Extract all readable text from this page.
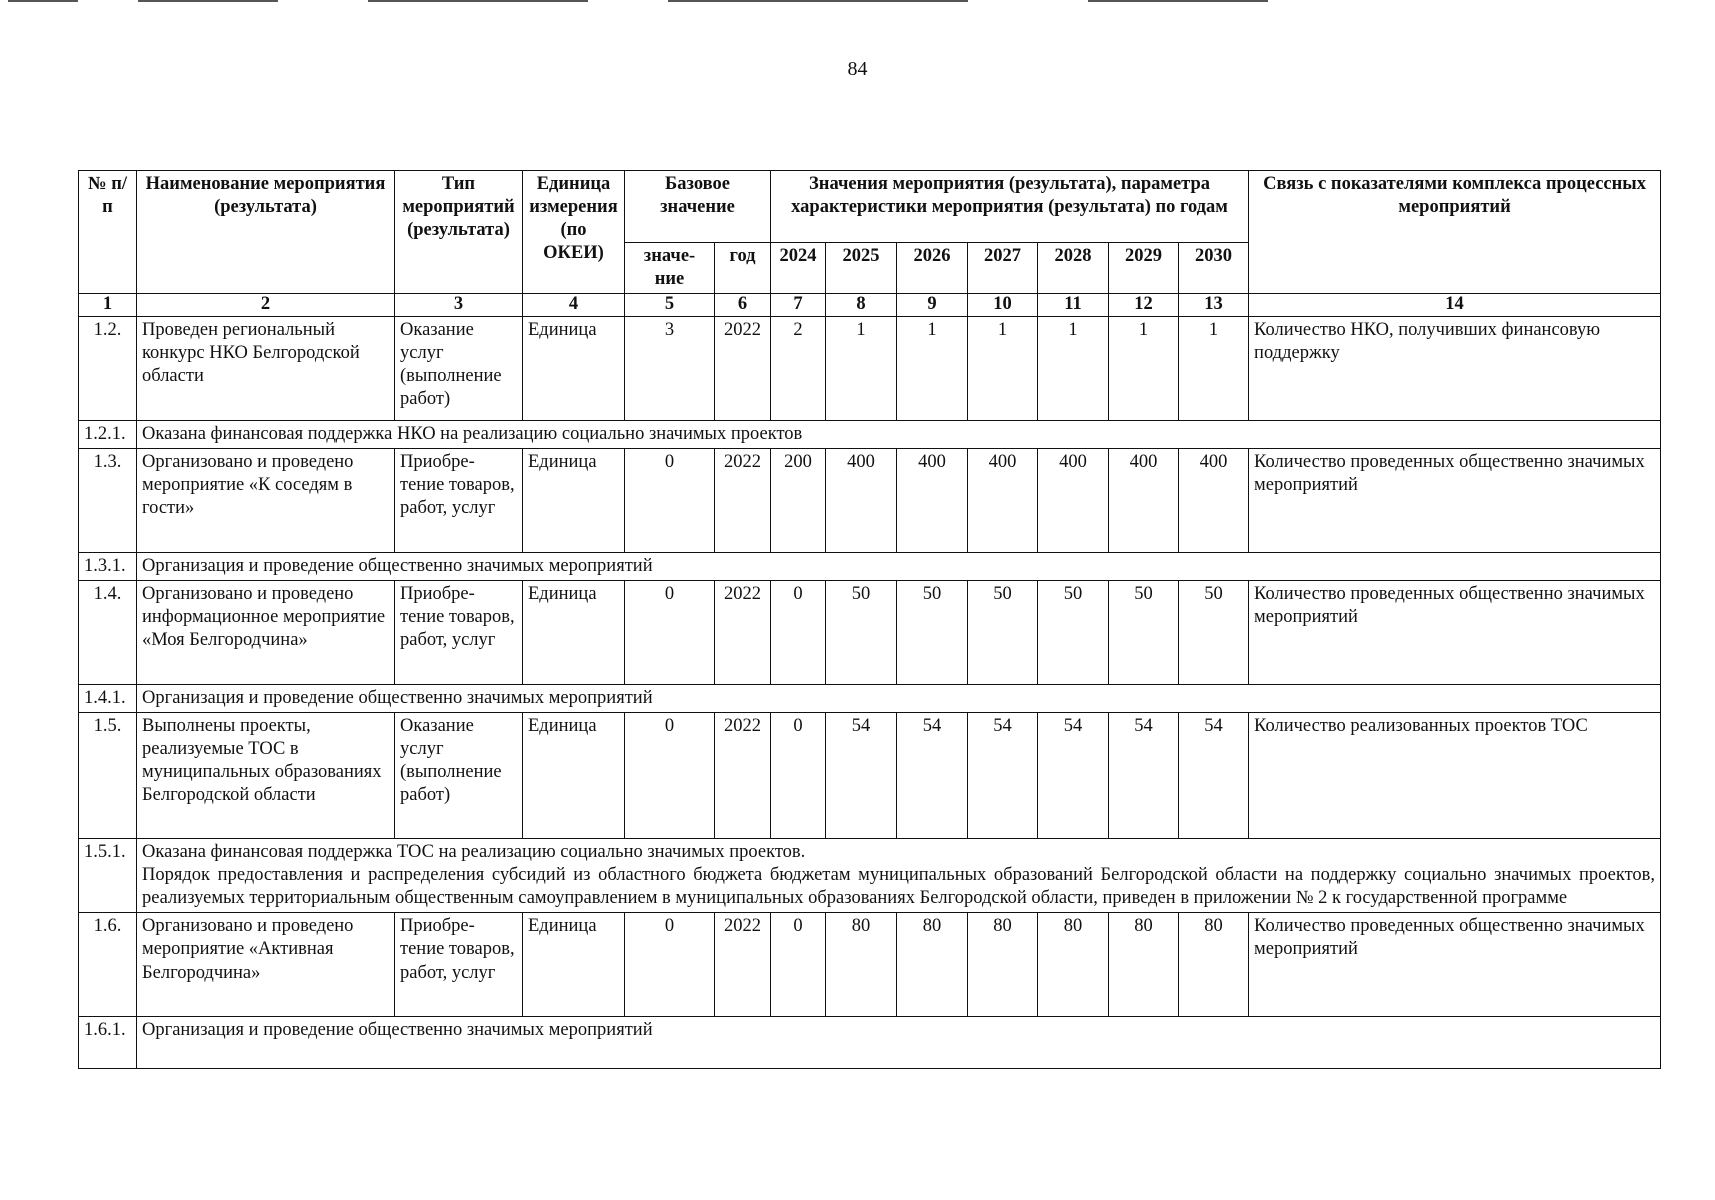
84
№ п/п	Наименование мероприятия (результата)	Тип мероприятий (результата)	Единица измерения (по ОКЕИ)	Базовое значение		Значения мероприятия (результата), параметра характеристики мероприятия (результата) по годам							Связь с показателями комплекса процессных мероприятий
				значе- ние	год	2024	2025	2026	2027	2028	2029	2030	
1	2	3	4	5	6	7	8	9	10	11	12	13	14
1.2.	Проведен региональный конкурс НКО Белгородской области	Оказание услуг (выполнение работ)	Единица	3	2022	2	1	1	1	1	1	1	Количество НКО, получивших финансовую поддержку
1.2.1.	Оказана финансовая поддержка НКО на реализацию социально значимых проектов												
1.3.	Организовано и проведено мероприятие «К соседям в гости»	Приобре- тение товаров, работ, услуг	Единица	0	2022	200	400	400	400	400	400	400	Количество проведенных общественно значимых мероприятий
1.3.1.	Организация и проведение общественно значимых мероприятий												
1.4.	Организовано и проведено информационное мероприятие «Моя Белгородчина»	Приобре- тение товаров, работ, услуг	Единица	0	2022	0	50	50	50	50	50	50	Количество проведенных общественно значимых мероприятий
1.4.1.	Организация и проведение общественно значимых мероприятий												
1.5.	Выполнены проекты, реализуемые ТОС в муниципальных образованиях Белгородской области	Оказание услуг (выполнение работ)	Единица	0	2022	0	54	54	54	54	54	54	Количество реализованных проектов ТОС
1.5.1.	Оказана финансовая поддержка ТОС на реализацию социально значимых проектов.
Порядок предоставления и распределения субсидий из областного бюджета бюджетам муниципальных образований Белгородской области на поддержку социально значимых проектов, реализуемых территориальным общественным самоуправлением в муниципальных образованиях Белгородской области, приведен в приложении № 2 к государственной программе												

1.6.	Организовано и проведено мероприятие «Активная Белгородчина»	Приобре- тение товаров, работ, услуг	Единица	0	2022	0	80	80	80	80	80	80	Количество проведенных общественно значимых мероприятий
1.6.1.	Организация и проведение общественно значимых мероприятий												
